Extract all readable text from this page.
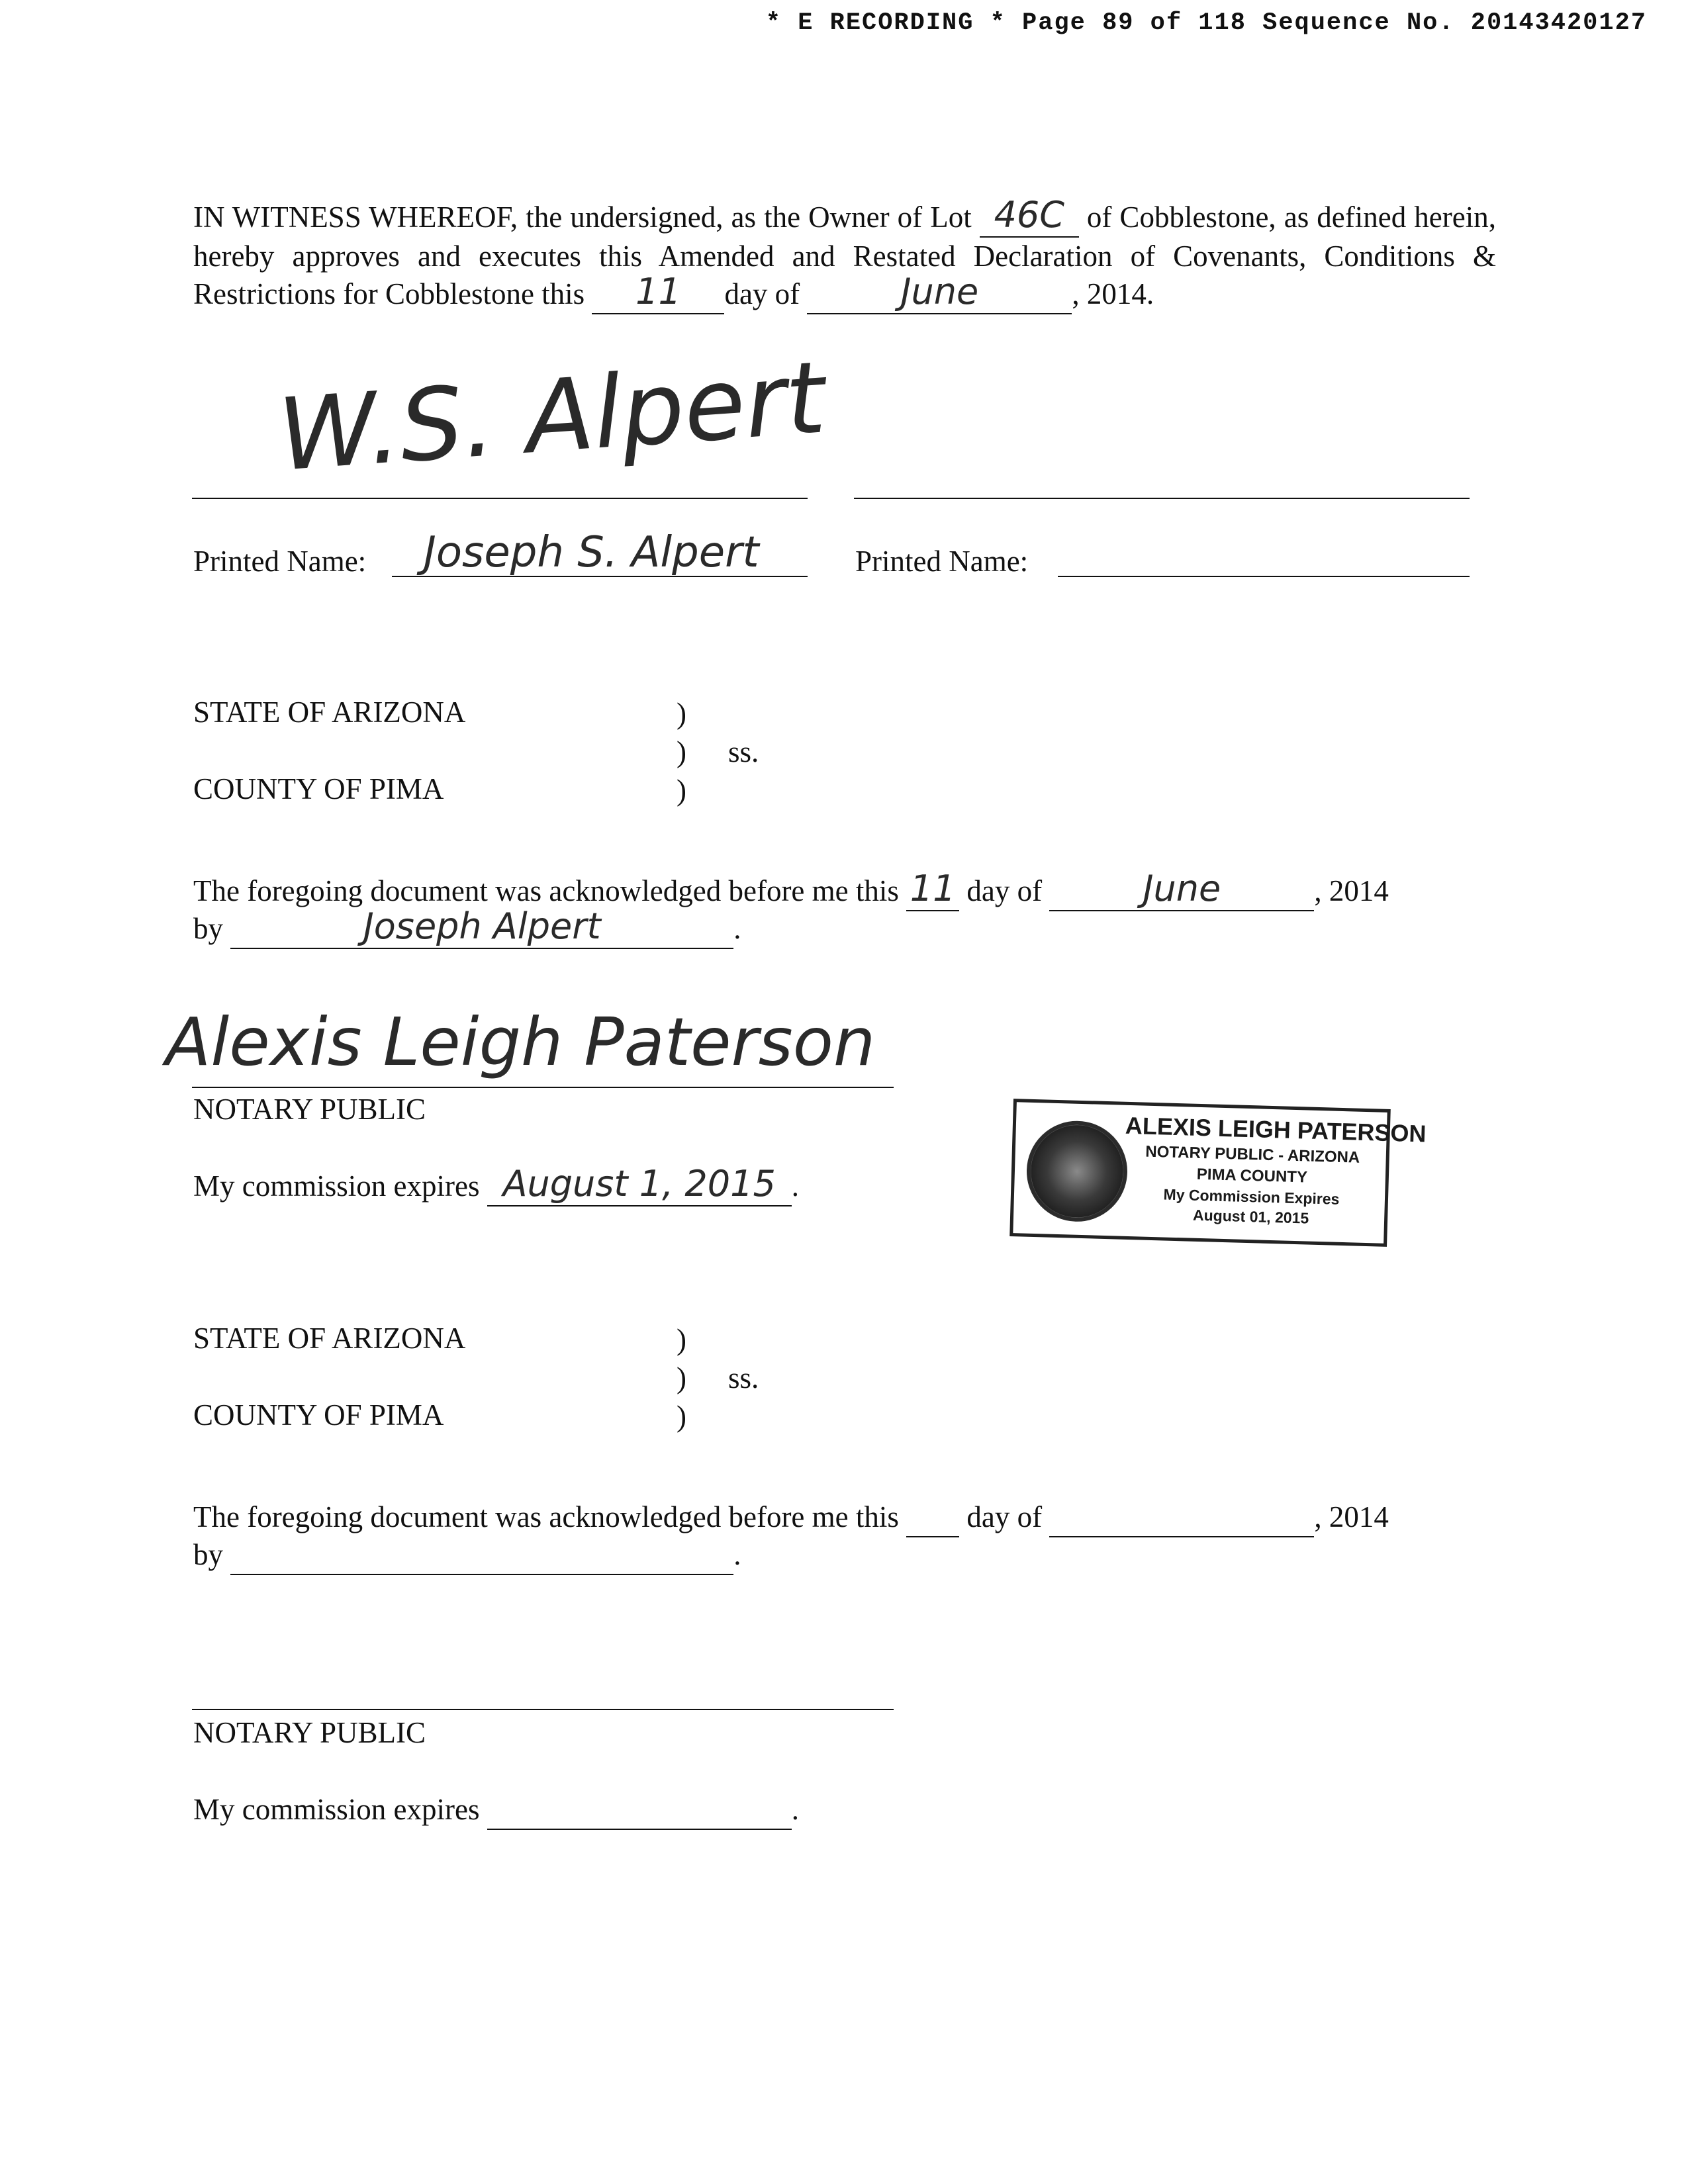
* E RECORDING * Page 89 of 118 Sequence No. 20143420127
IN WITNESS WHEREOF, the undersigned, as the Owner of Lot 46C of Cobblestone, as defined herein, hereby approves and executes this Amended and Restated Declaration of Covenants, Conditions & Restrictions for Cobblestone this	11	day of	June	, 2014.
W.S. Alpert
Printed Name: Joseph S. Alpert	Printed Name:
STATE OF ARIZONA
COUNTY OF PIMA
)
)
)
ss.
The foregoing document was acknowledged before me this 11 day of	June	, 2014
by	Joseph Alpert	.
Alexis Leigh Paterson
NOTARY PUBLIC
My commission expires August 1, 2015 .
ALEXIS LEIGH PATERSON
NOTARY PUBLIC - ARIZONA
PIMA COUNTY
My Commission Expires
August 01, 2015
STATE OF ARIZONA
COUNTY OF PIMA
)
)
)
ss.
The foregoing document was acknowledged before me this day of	, 2014
by	.
NOTARY PUBLIC
My commission expires	.
